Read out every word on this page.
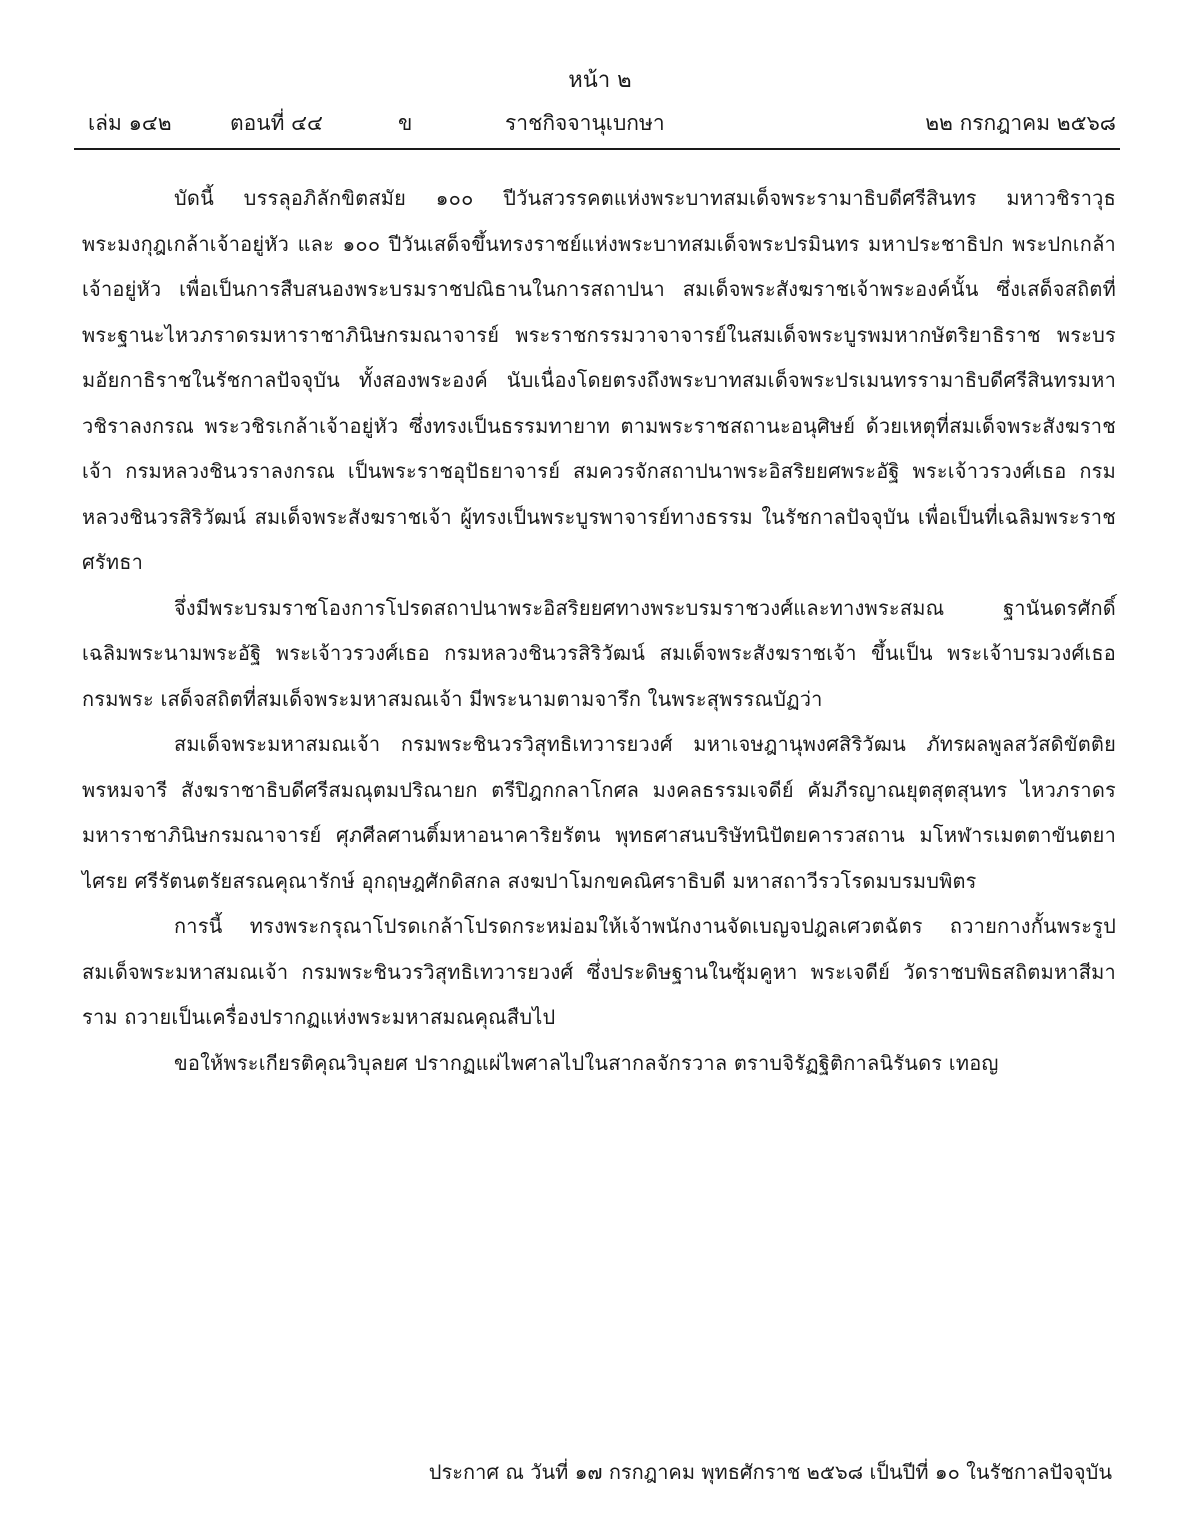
หน้า ๒
เล่ม ๑๔๒	ตอนที่ ๔๔	ข	ราชกิจจานุเบกษา	๒๒ กรกฎาคม ๒๕๖๘

บัดนี้ บรรลุอภิลักขิตสมัย ๑๐๐ ปีวันสวรรคตแห่งพระบาทสมเด็จพระรามาธิบดีศรีสินทร มหาวชิราวุธ พระมงกุฎเกล้าเจ้าอยู่หัว และ ๑๐๐ ปีวันเสด็จขึ้นทรงราชย์แห่งพระบาทสมเด็จพระปรมินทร มหาประชาธิปก พระปกเกล้าเจ้าอยู่หัว เพื่อเป็นการสืบสนองพระบรมราชปณิธานในการสถาปนา สมเด็จพระสังฆราชเจ้าพระองค์นั้น ซึ่งเสด็จสถิตที่พระฐานะไหวภราดรมหาราชาภินิษกรมณาจารย์ พระราชกรรมวาจาจารย์ในสมเด็จพระบูรพมหากษัตริยาธิราช พระบรมอัยกาธิราชในรัชกาลปัจจุบัน ทั้งสองพระองค์ นับเนื่องโดยตรงถึงพระบาทสมเด็จพระปรเมนทรรามาธิบดีศรีสินทรมหาวชิราลงกรณ พระวชิรเกล้าเจ้าอยู่หัว ซึ่งทรงเป็นธรรมทายาท ตามพระราชสถานะอนุศิษย์ ด้วยเหตุที่สมเด็จพระสังฆราชเจ้า กรมหลวงชินวราลงกรณ เป็นพระราชอุปัธยาจารย์ สมควรจักสถาปนาพระอิสริยยศพระอัฐิ พระเจ้าวรวงศ์เธอ กรมหลวงชินวรสิริวัฒน์ สมเด็จพระสังฆราชเจ้า ผู้ทรงเป็นพระบูรพาจารย์ทางธรรม ในรัชกาลปัจจุบัน เพื่อเป็นที่เฉลิมพระราชศรัทธา

จึ่งมีพระบรมราชโองการโปรดสถาปนาพระอิสริยยศทางพระบรมราชวงศ์และทางพระสมณ ฐานันดรศักดิ์ เฉลิมพระนามพระอัฐิ พระเจ้าวรวงศ์เธอ กรมหลวงชินวรสิริวัฒน์ สมเด็จพระสังฆราชเจ้า ขึ้นเป็น พระเจ้าบรมวงศ์เธอ กรมพระ เสด็จสถิตที่สมเด็จพระมหาสมณเจ้า มีพระนามตามจารึก ในพระสุพรรณบัฏว่า

สมเด็จพระมหาสมณเจ้า กรมพระชินวรวิสุทธิเทวารยวงศ์ มหาเจษฎานุพงศสิริวัฒน ภัทรผลพูลสวัสดิขัตติยพรหมจารี สังฆราชาธิบดีศรีสมณุตมปริณายก ตรีปิฎกกลาโกศล มงคลธรรมเจดีย์ คัมภีรญาณยุตสุตสุนทร ไหวภราดรมหาราชาภินิษกรมณาจารย์ ศุภศีลศานติ์มหาอนาคาริยรัตน พุทธศาสนบริษัทนิปัตยคารวสถาน มโหฬารเมตตาขันตยาไศรย ศรีรัตนตรัยสรณคุณารักษ์ อุกฤษฎศักดิสกล สงฆปาโมกขคณิศราธิบดี มหาสถาวีรวโรดมบรมบพิตร

การนี้ ทรงพระกรุณาโปรดเกล้าโปรดกระหม่อมให้เจ้าพนักงานจัดเบญจปฎลเศวตฉัตร ถวายกางกั้นพระรูปสมเด็จพระมหาสมณเจ้า กรมพระชินวรวิสุทธิเทวารยวงศ์ ซึ่งประดิษฐานในซุ้มคูหา พระเจดีย์ วัดราชบพิธสถิตมหาสีมาราม ถวายเป็นเครื่องปรากฏแห่งพระมหาสมณคุณสืบไป

ขอให้พระเกียรติคุณวิบุลยศ ปรากฏแผ่ไพศาลไปในสากลจักรวาล ตราบจิรัฏฐิติกาลนิรันดร เทอญ

ประกาศ ณ วันที่ ๑๗ กรกฎาคม พุทธศักราช ๒๕๖๘ เป็นปีที่ ๑๐ ในรัชกาลปัจจุบัน
